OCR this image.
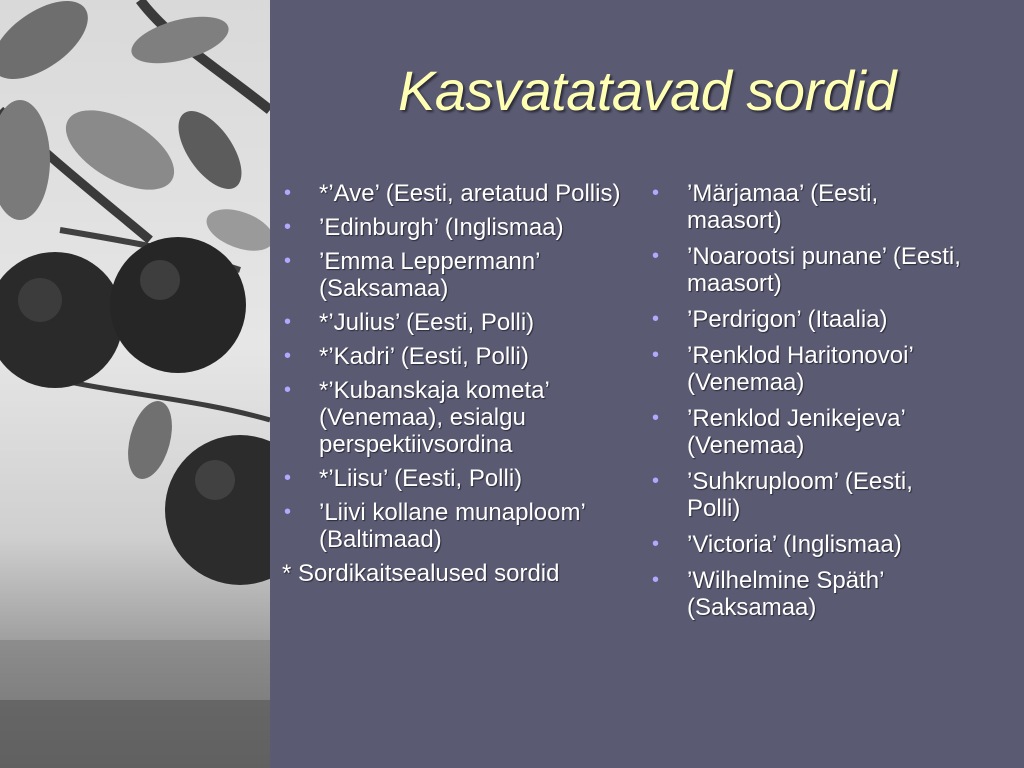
Kasvatatavad sordid
• *’Ave’ (Eesti, aretatud Pollis)
• ’Edinburgh’ (Inglismaa)
• ’Emma Leppermann’ (Saksamaa)
• *’Julius’ (Eesti, Polli)
• *’Kadri’ (Eesti, Polli)
• *’Kubanskaja kometa’ (Venemaa), esialgu perspektiivsordina
• *’Liisu’ (Eesti, Polli)
• ’Liivi kollane munaploom’ (Baltimaad)
* Sordikaitsealused sordid
• ’Märjamaa’ (Eesti, maasort)
• ’Noarootsi punane’ (Eesti, maasort)
• ’Perdrigon’ (Itaalia)
• ’Renklod Haritonovoi’ (Venemaa)
• ’Renklod Jenikejeva’ (Venemaa)
• ’Suhkruploom’ (Eesti, Polli)
• ’Victoria’ (Inglismaa)
• ’Wilhelmine Späth’ (Saksamaa)
